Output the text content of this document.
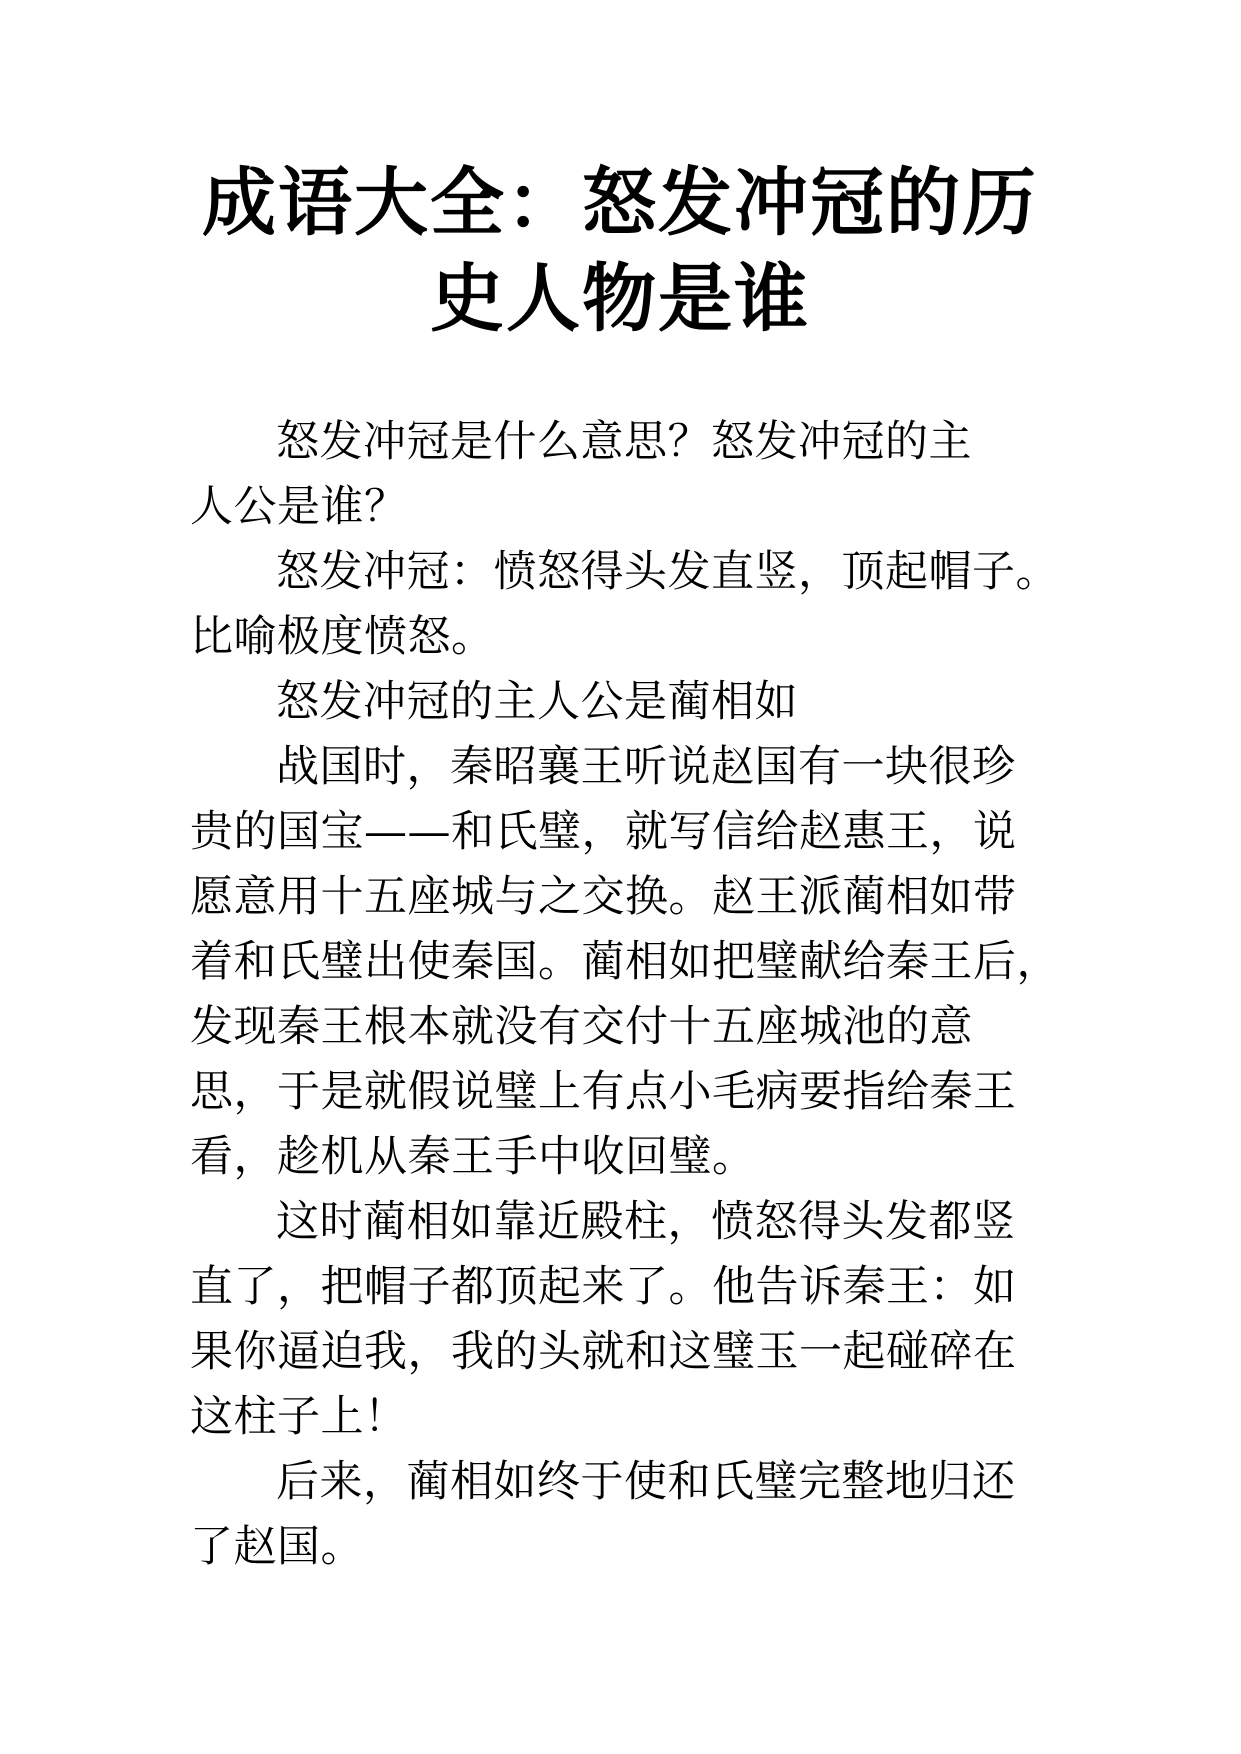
成语大全：怒发冲冠的历
史人物是谁

怒发冲冠是什么意思？怒发冲冠的主
人公是谁？

怒发冲冠：愤怒得头发直竖，顶起帽子。
比喻极度愤怒。

怒发冲冠的主人公是蔺相如

战国时，秦昭襄王听说赵国有一块很珍
贵的国宝——和氏璧，就写信给赵惠王，说
愿意用十五座城与之交换。赵王派蔺相如带
着和氏璧出使秦国。蔺相如把璧献给秦王后，
发现秦王根本就没有交付十五座城池的意
思，于是就假说璧上有点小毛病要指给秦王
看，趁机从秦王手中收回璧。

这时蔺相如靠近殿柱，愤怒得头发都竖
直了，把帽子都顶起来了。他告诉秦王：如
果你逼迫我，我的头就和这璧玉一起碰碎在
这柱子上！

后来，蔺相如终于使和氏璧完整地归还
了赵国。
